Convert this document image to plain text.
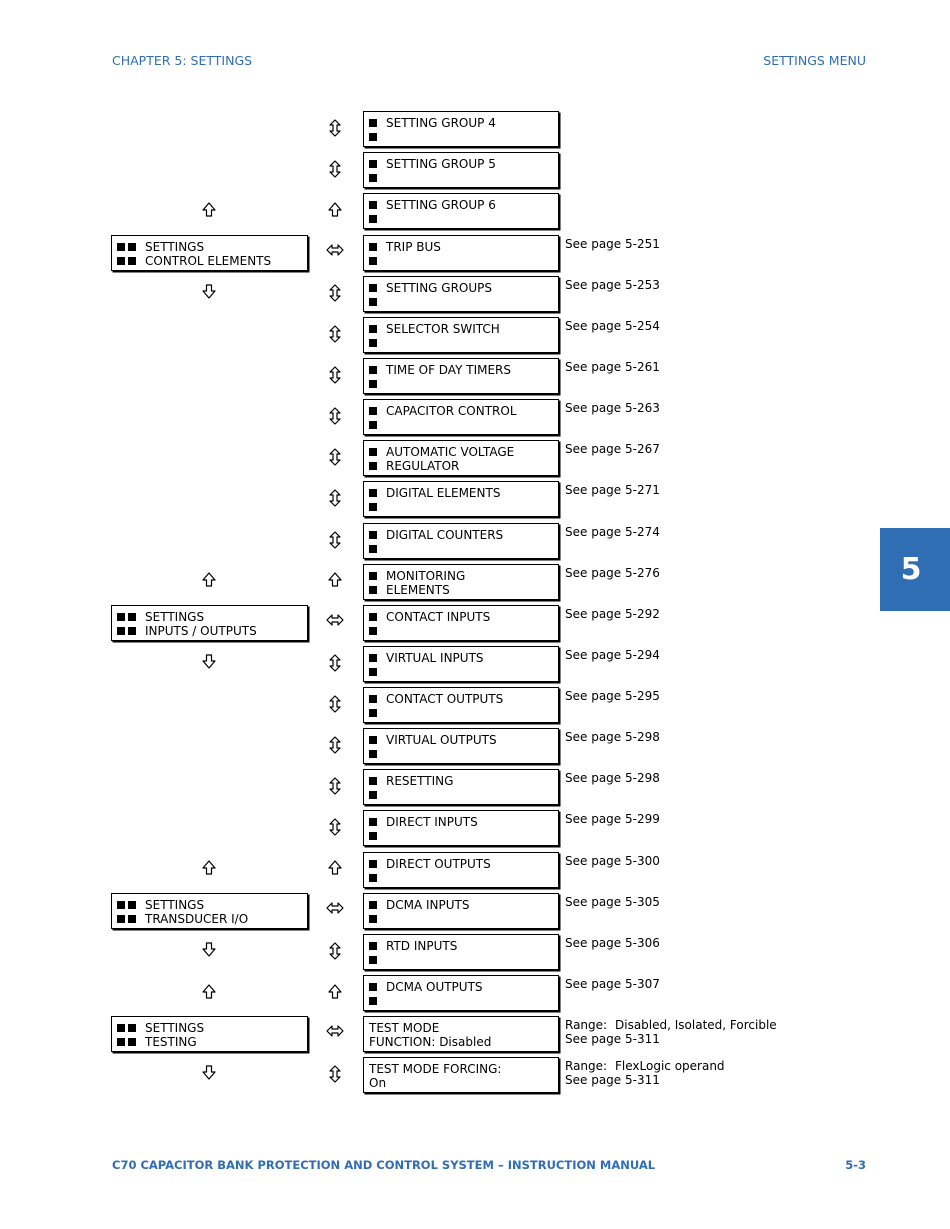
CHAPTER 5: SETTINGS	SETTINGS MENU
5
SETTINGS
CONTROL ELEMENTS
SETTINGS
INPUTS / OUTPUTS
SETTINGS
TRANSDUCER I/O
SETTINGS
TESTING
SETTING GROUP 4
SETTING GROUP 5
SETTING GROUP 6
TRIP BUS
SETTING GROUPS
SELECTOR SWITCH
TIME OF DAY TIMERS
CAPACITOR CONTROL
AUTOMATIC VOLTAGE
REGULATOR
DIGITAL ELEMENTS
DIGITAL COUNTERS
MONITORING
ELEMENTS
CONTACT INPUTS
VIRTUAL INPUTS
CONTACT OUTPUTS
VIRTUAL OUTPUTS
RESETTING
DIRECT INPUTS
DIRECT OUTPUTS
DCMA INPUTS
RTD INPUTS
DCMA OUTPUTS
TEST MODE
FUNCTION: Disabled
TEST MODE FORCING:
On
See page 5-251
See page 5-253
See page 5-254
See page 5-261
See page 5-263
See page 5-267
See page 5-271
See page 5-274
See page 5-276
See page 5-292
See page 5-294
See page 5-295
See page 5-298
See page 5-298
See page 5-299
See page 5-300
See page 5-305
See page 5-306
See page 5-307
Range: Disabled, Isolated, Forcible
See page 5-311
Range: FlexLogic operand
See page 5-311
C70 CAPACITOR BANK PROTECTION AND CONTROL SYSTEM – INSTRUCTION MANUAL	5-3
